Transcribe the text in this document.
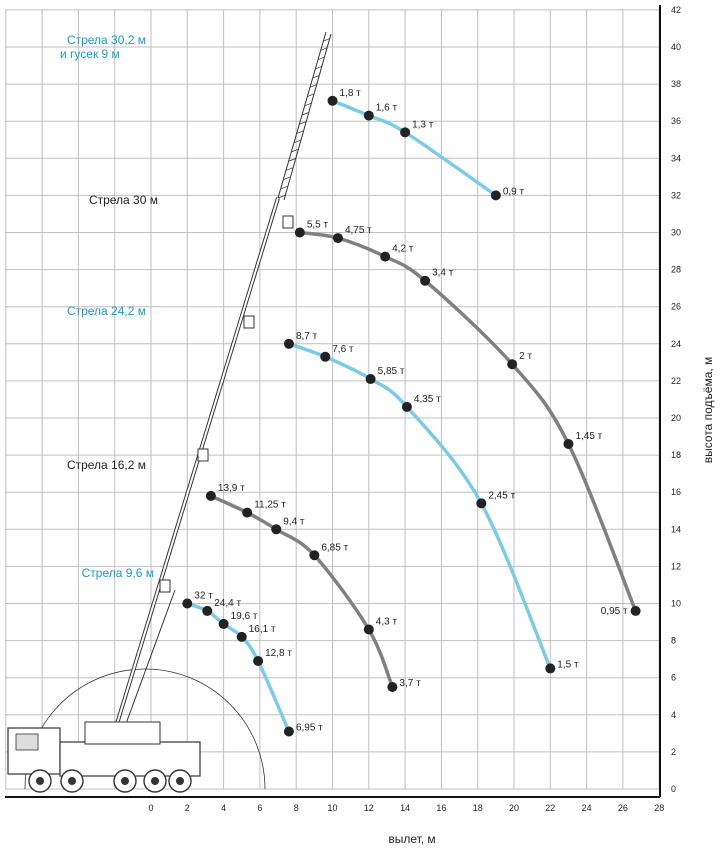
0	2	4	6	8	10	12	14	16	18	20	22	24	26	28
0
2
4
6
8
10
12
14
16
18
20
22
24
26
28
30
32
34
36
38
40
42
1,8 т
1,6 т
1,3 т
0,9 т
5,5 т
4,75 т
4,2 т
3,4 т
2 т
1,45 т
0,95 т
8,7 т
7,6 т
5,85 т
4,35 т
2,45 т
1,5 т
13,9 т
11,25 т
9,4 т
6,85 т
4,3 т
3,7 т
32 т
24,4 т
19,6 т
16,1 т
12,8 т
6,95 т
Стрела 30,2 м
и гусек 9 м
Стрела 30 м
Стрела 24,2 м
Стрела 16,2 м
Стрела 9,6 м
вылет, м
высота подъёма, м
